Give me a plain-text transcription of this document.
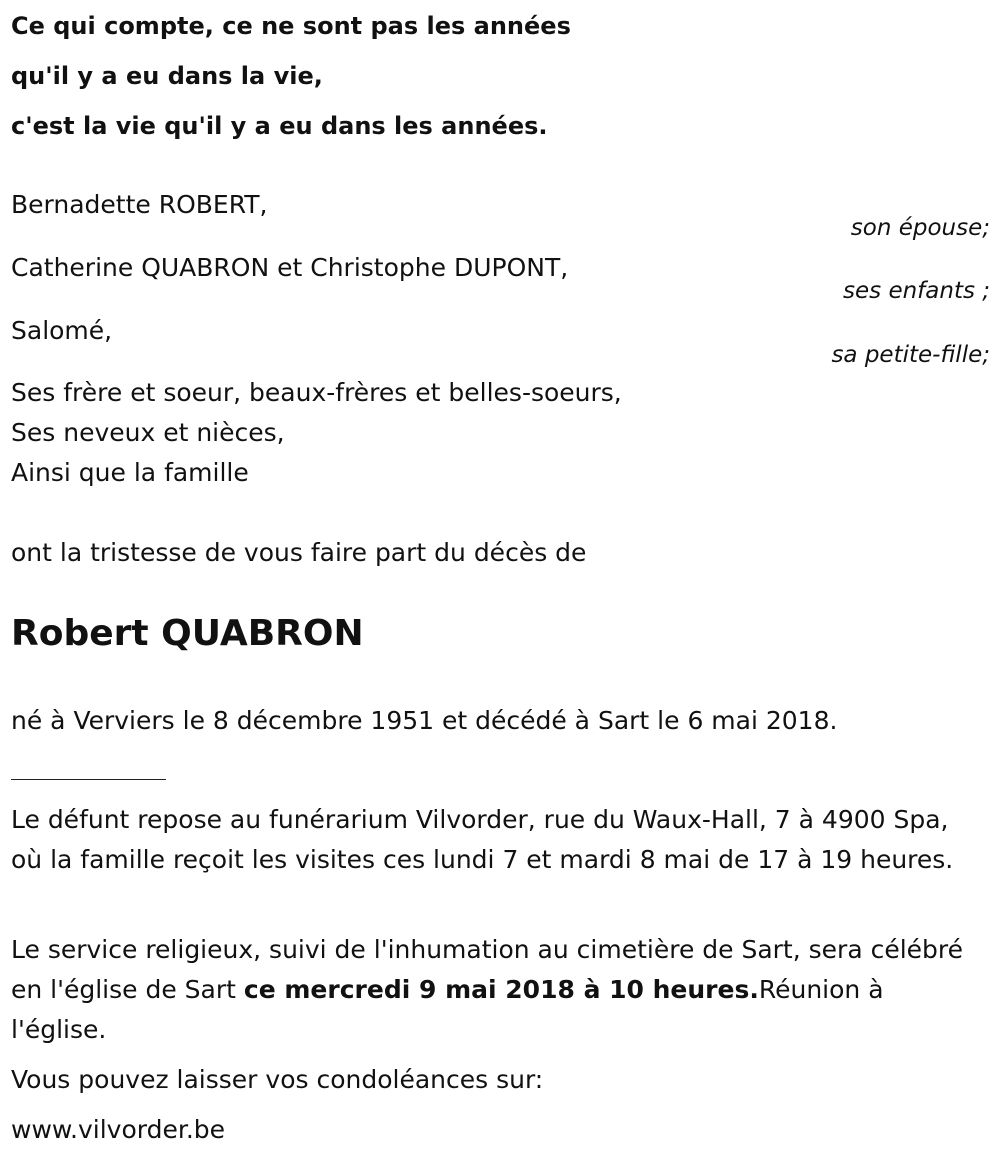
Ce qui compte, ce ne sont pas les années
qu'il y a eu dans la vie,
c'est la vie qu'il y a eu dans les années.
Bernadette ROBERT,
son épouse;
Catherine QUABRON et Christophe DUPONT,
ses enfants ;
Salomé,
sa petite-fille;
Ses frère et soeur, beaux-frères et belles-soeurs,
Ses neveux et nièces,
Ainsi que la famille
ont la tristesse de vous faire part du décès de
Robert QUABRON
né à Verviers le 8 décembre 1951 et décédé à Sart le 6 mai 2018.
Le défunt repose au funérarium Vilvorder, rue du Waux-Hall, 7 à 4900 Spa, où la famille reçoit les visites ces lundi 7 et mardi 8 mai de 17 à 19 heures.
Le service religieux, suivi de l'inhumation au cimetière de Sart, sera célébré en l'église de Sart ce mercredi 9 mai 2018 à 10 heures.Réunion à l'église.
Vous pouvez laisser vos condoléances sur:
www.vilvorder.be
